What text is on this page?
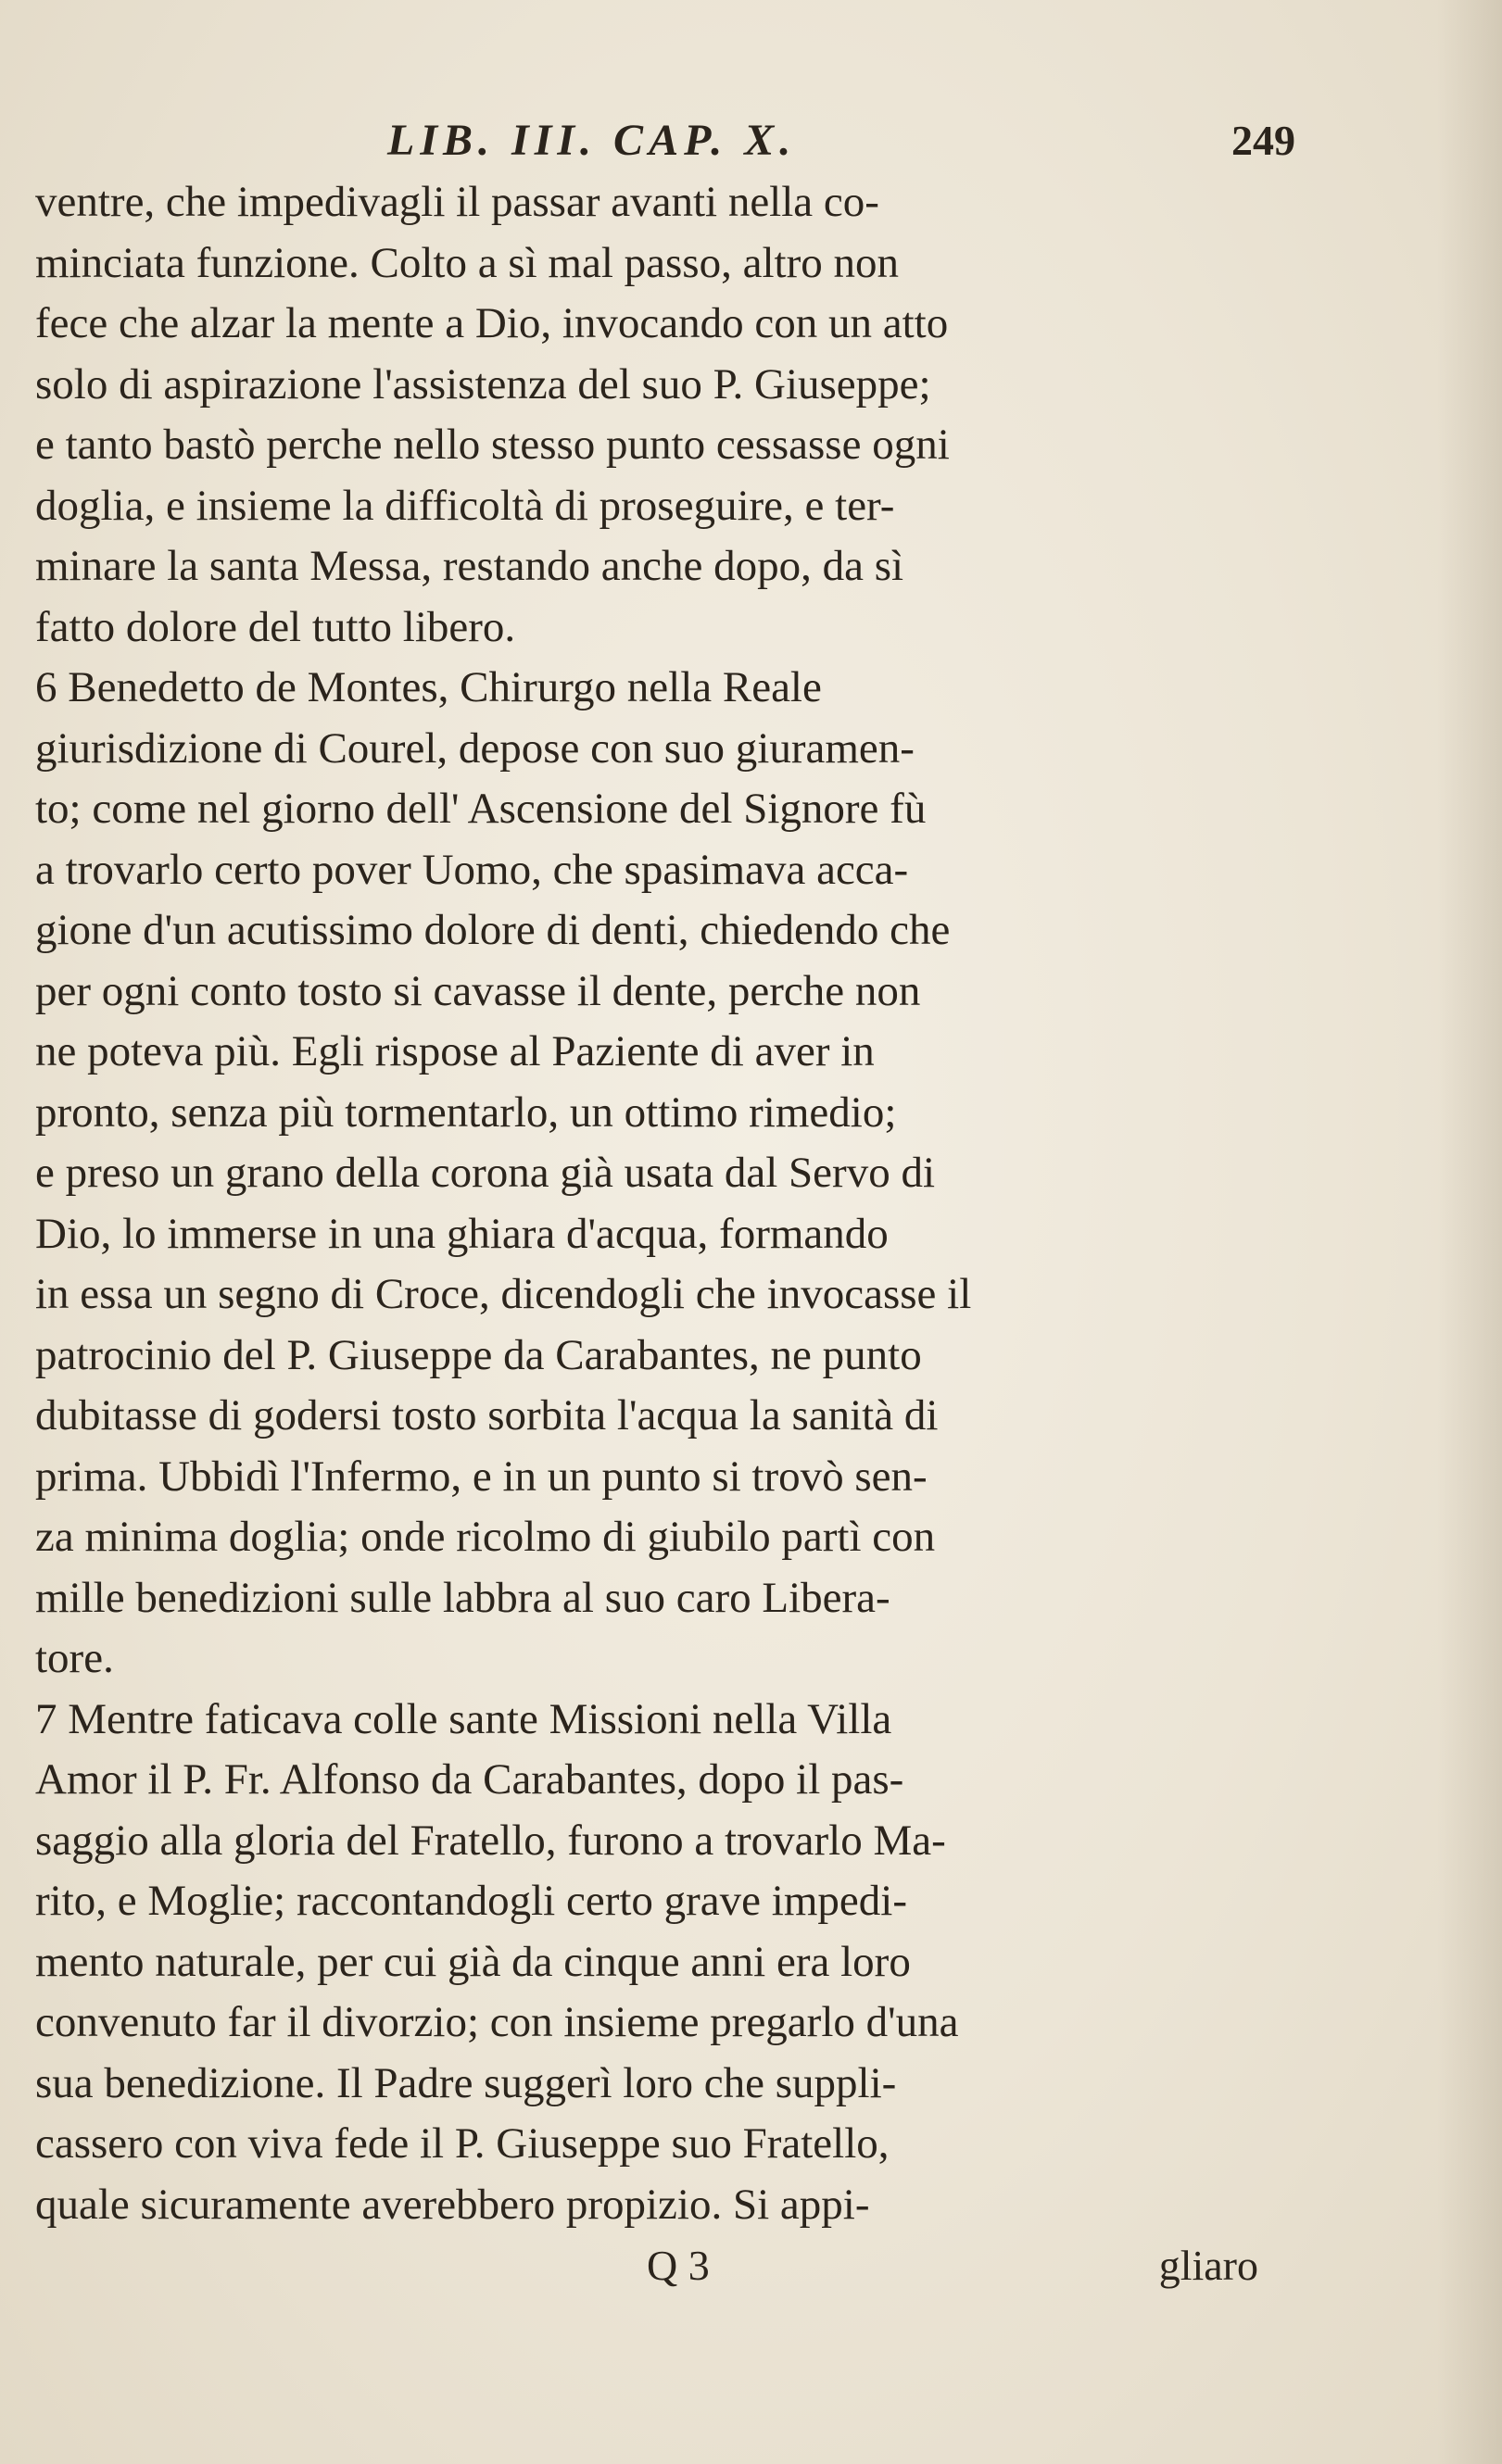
LIB. III. CAP. X.	249
ventre, che impedivagli il passar avanti nella co-
minciata funzione. Colto a sì mal passo, altro non
fece che alzar la mente a Dio, invocando con un atto
solo di aspirazione l'assistenza del suo P. Giuseppe;
e tanto bastò perche nello stesso punto cessasse ogni
doglia, e insieme la difficoltà di proseguire, e ter-
minare la santa Messa, restando anche dopo, da sì
fatto dolore del tutto libero.
6 Benedetto de Montes, Chirurgo nella Reale
giurisdizione di Courel, depose con suo giuramen-
to; come nel giorno dell' Ascensione del Signore fù
a trovarlo certo pover Uomo, che spasimava acca-
gione d'un acutissimo dolore di denti, chiedendo che
per ogni conto tosto si cavasse il dente, perche non
ne poteva più. Egli rispose al Paziente di aver in
pronto, senza più tormentarlo, un ottimo rimedio;
e preso un grano della corona già usata dal Servo di
Dio, lo immerse in una ghiara d'acqua, formando
in essa un segno di Croce, dicendogli che invocasse il
patrocinio del P. Giuseppe da Carabantes, ne punto
dubitasse di godersi tosto sorbita l'acqua la sanità di
prima. Ubbidì l'Infermo, e in un punto si trovò sen-
za minima doglia; onde ricolmo di giubilo partì con
mille benedizioni sulle labbra al suo caro Libera-
tore.
7 Mentre faticava colle sante Missioni nella Villa
Amor il P. Fr. Alfonso da Carabantes, dopo il pas-
saggio alla gloria del Fratello, furono a trovarlo Ma-
rito, e Moglie; raccontandogli certo grave impedi-
mento naturale, per cui già da cinque anni era loro
convenuto far il divorzio; con insieme pregarlo d'una
sua benedizione. Il Padre suggerì loro che suppli-
cassero con viva fede il P. Giuseppe suo Fratello,
quale sicuramente averebbero propizio. Si appi-
Q 3	gliaro
